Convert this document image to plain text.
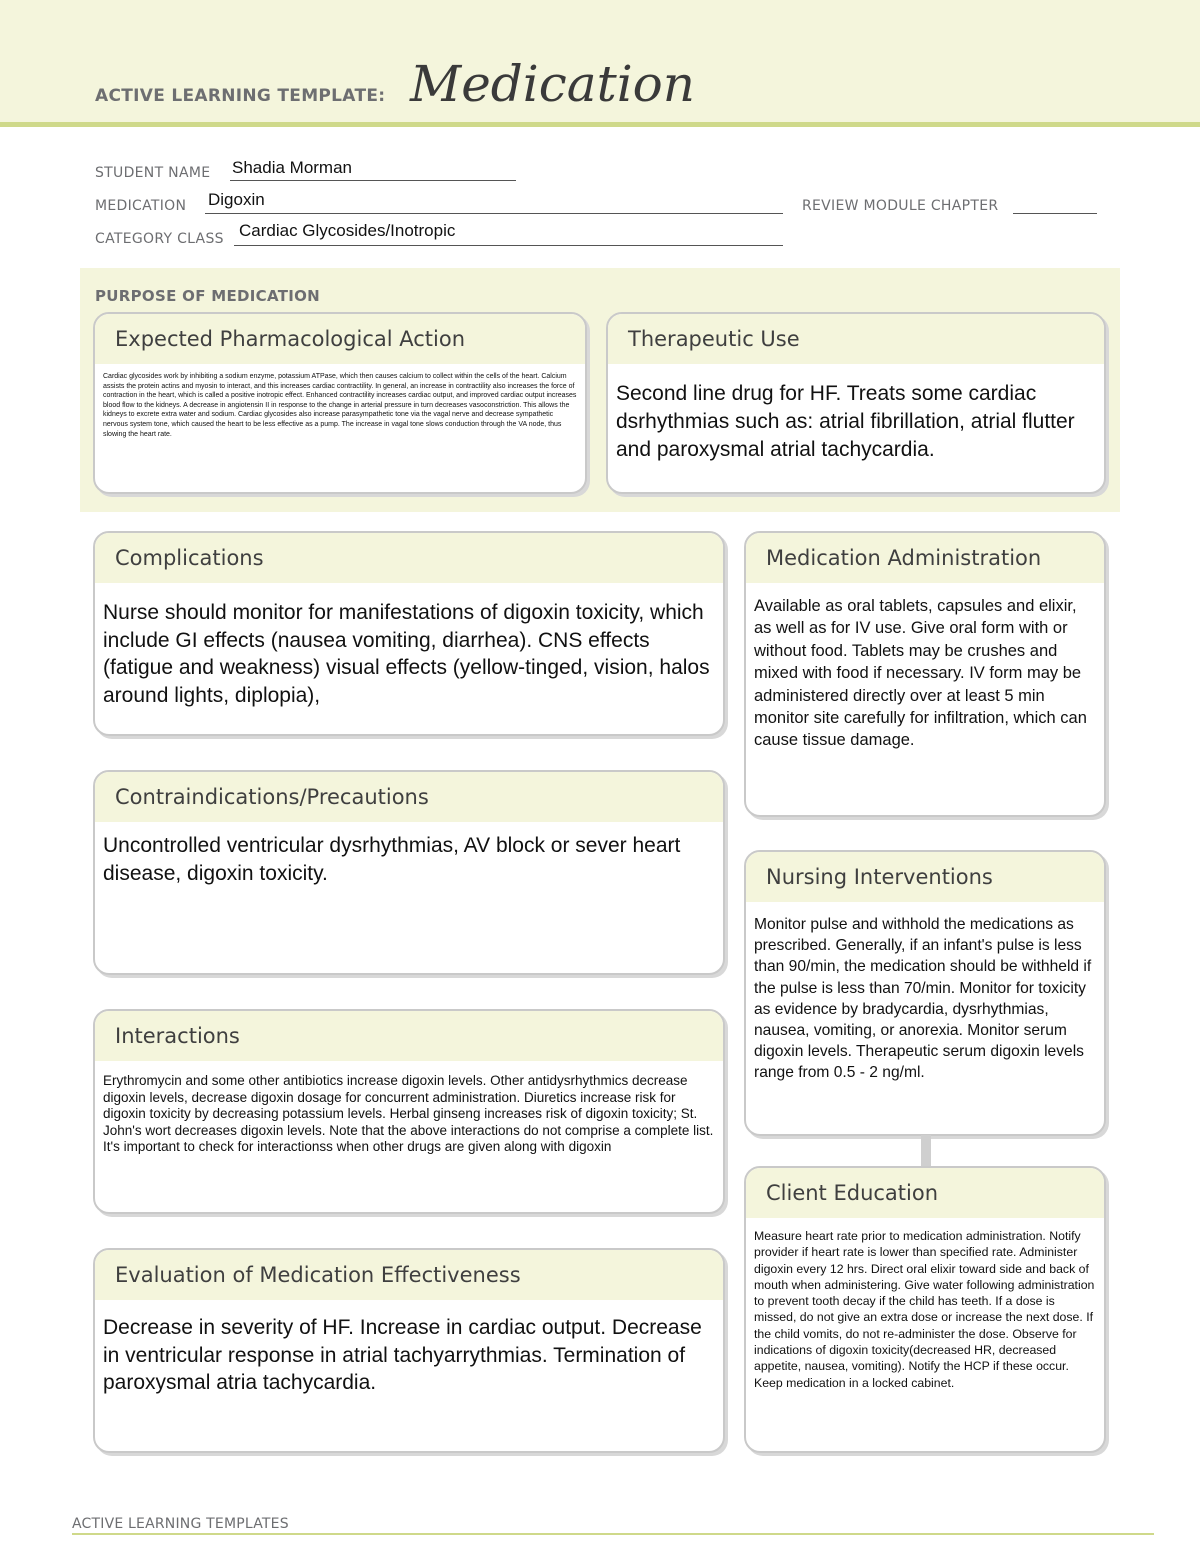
ACTIVE LEARNING TEMPLATE: Medication
STUDENT NAME Shadia Morman
MEDICATION Digoxin	REVIEW MODULE CHAPTER
CATEGORY CLASS Cardiac Glycosides/Inotropic
PURPOSE OF MEDICATION
Expected Pharmacological Action
Cardiac glycosides work by inhibiting a sodium enzyme, potassium ATPase, which then causes calcium to collect within the cells of the heart. Calcium assists the protein actins and myosin to interact, and this increases cardiac contractility. In general, an increase in contractility also increases the force of contraction in the heart, which is called a positive inotropic effect. Enhanced contractility increases cardiac output, and improved cardiac output increases blood flow to the kidneys. A decrease in angiotensin II in response to the change in arterial pressure in turn decreases vasoconstriction. This allows the kidneys to excrete extra water and sodium. Cardiac glycosides also increase parasympathetic tone via the vagal nerve and decrease sympathetic nervous system tone, which caused the heart to be less effective as a pump. The increase in vagal tone slows conduction through the VA node, thus slowing the heart rate.
Therapeutic Use
Second line drug for HF. Treats some cardiac dsrhythmias such as: atrial fibrillation, atrial flutter and paroxysmal atrial tachycardia.
Complications
Nurse should monitor for manifestations of digoxin toxicity, which include GI effects (nausea vomiting, diarrhea). CNS effects (fatigue and weakness) visual effects (yellow-tinged, vision, halos around lights, diplopia),
Contraindications/Precautions
Uncontrolled ventricular dysrhythmias, AV block or sever heart disease, digoxin toxicity.
Interactions
Erythromycin and some other antibiotics increase digoxin levels. Other antidysrhythmics decrease digoxin levels, decrease digoxin dosage for concurrent administration. Diuretics increase risk for digoxin toxicity by decreasing potassium levels. Herbal ginseng increases risk of digoxin toxicity; St. John's wort decreases digoxin levels. Note that the above interactions do not comprise a complete list. It's important to check for interactionss when other drugs are given along with digoxin
Evaluation of Medication Effectiveness
Decrease in severity of HF. Increase in cardiac output. Decrease in ventricular response in atrial tachyarrythmias. Termination of paroxysmal atria tachycardia.
Medication Administration
Available as oral tablets, capsules and elixir, as well as for IV use. Give oral form with or without food. Tablets may be crushes and mixed with food if necessary. IV form may be administered directly over at least 5 min monitor site carefully for infiltration, which can cause tissue damage.
Nursing Interventions
Monitor pulse and withhold the medications as prescribed. Generally, if an infant's pulse is less than 90/min, the medication should be withheld if the pulse is less than 70/min. Monitor for toxicity as evidence by bradycardia, dysrhythmias, nausea, vomiting, or anorexia. Monitor serum digoxin levels. Therapeutic serum digoxin levels range from 0.5 - 2 ng/ml.
Client Education
Measure heart rate prior to medication administration. Notify provider if heart rate is lower than specified rate. Administer digoxin every 12 hrs. Direct oral elixir toward side and back of mouth when administering. Give water following administration to prevent tooth decay if the child has teeth. If a dose is missed, do not give an extra dose or increase the next dose. If the child vomits, do not re-administer the dose. Observe for indications of digoxin toxicity(decreased HR, decreased appetite, nausea, vomiting). Notify the HCP if these occur. Keep medication in a locked cabinet.
ACTIVE LEARNING TEMPLATES
